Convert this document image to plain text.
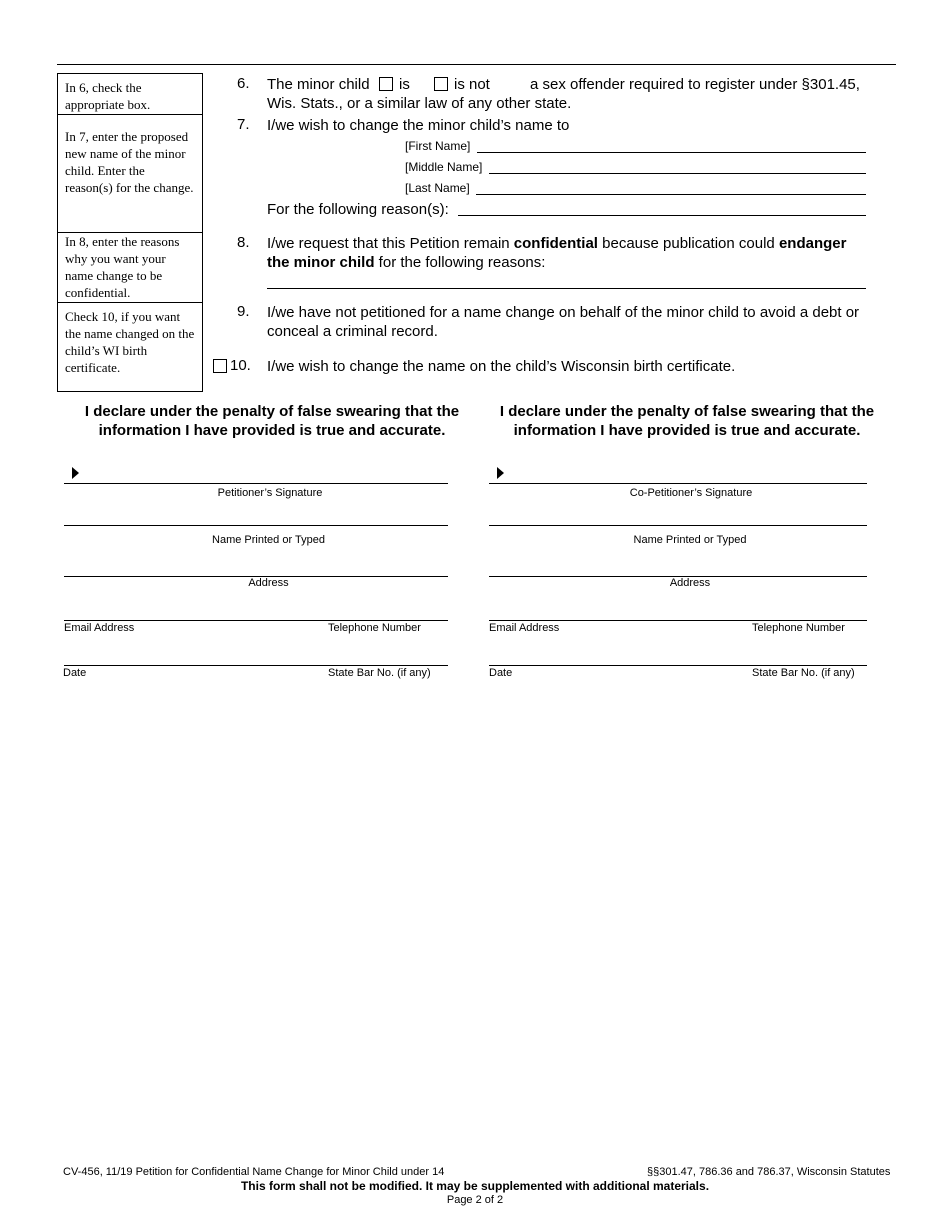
In 6, check the appropriate box.
In 7, enter the proposed new name of the minor child. Enter the reason(s) for the change.
In 8, enter the reasons why you want your name change to be confidential.
Check 10, if you want the name changed on the child’s WI birth certificate.
6. The minor child is	is not	a sex offender required to register under §301.45,
Wis. Stats., or a similar law of any other state.
7. I/we wish to change the minor child’s name to
[First Name]
[Middle Name]
[Last Name]
For the following reason(s):
8. I/we request that this Petition remain confidential because publication could endanger
the minor child for the following reasons:
9. I/we have not petitioned for a name change on behalf of the minor child to avoid a debt or
conceal a criminal record.
10. I/we wish to change the name on the child’s Wisconsin birth certificate.
I declare under the penalty of false swearing that the information I have provided is true and accurate.
I declare under the penalty of false swearing that the information I have provided is true and accurate.
Petitioner’s Signature
Name Printed or Typed
Address
Email Address	Telephone Number
Date	State Bar No. (if any)
Co-Petitioner’s Signature
Name Printed or Typed
Address
Email Address	Telephone Number
Date	State Bar No. (if any)
CV-456, 11/19 Petition for Confidential Name Change for Minor Child under 14	§§301.47, 786.36 and 786.37, Wisconsin Statutes
This form shall not be modified. It may be supplemented with additional materials.
Page 2 of 2
